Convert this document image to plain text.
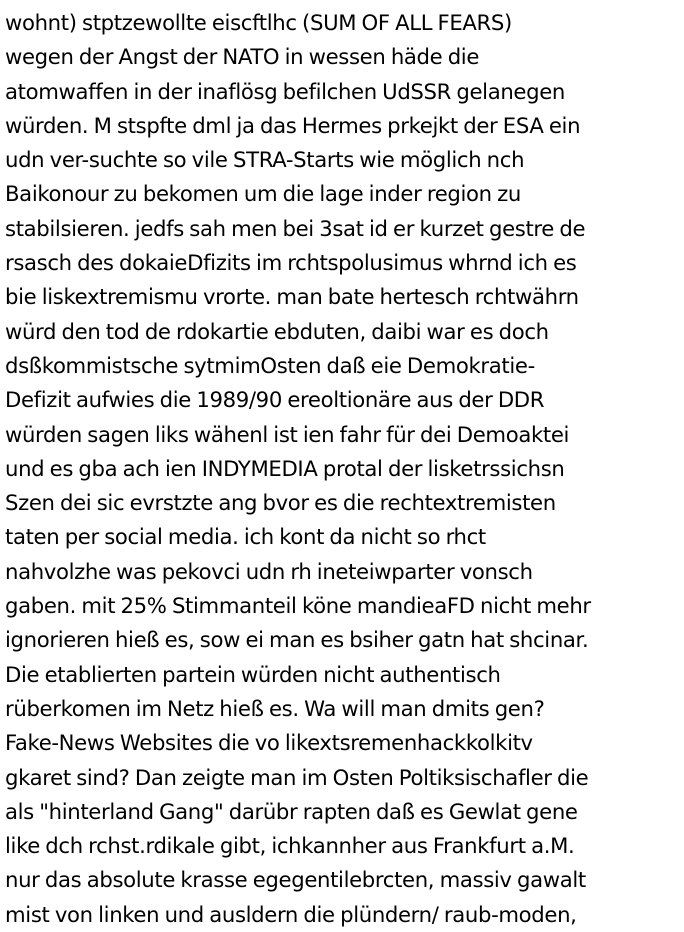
wohnt) stptzewollte eiscftlhc (SUM OF ALL FEARS)
wegen der Angst der NATO in wessen häde die
atomwaffen in der inaflösg befilchen UdSSR gelanegen
würden. M stspfte dml ja das Hermes prkejkt der ESA ein
udn ver-suchte so vile STRA-Starts wie möglich nch
Baikonour zu bekomen um die lage inder region zu
stabilsieren. jedfs sah men bei 3sat id er kurzet gestre de
rsasch des dokaieDfizits im rchtspolusimus whrnd ich es
bie liskextremismu vrorte. man bate hertesch rchtwährn
würd den tod de rdokartie ebduten, daibi war es doch
dsßkommistsche sytmimOsten daß eie Demokratie-
Defizit aufwies die 1989/90 ereoltionäre aus der DDR
würden sagen liks wähenl ist ien fahr für dei Demoaktei
und es gba ach ien INDYMEDIA protal der lisketrssichsn
Szen dei sic evrstzte ang bvor es die rechtextremisten
taten per social media. ich kont da nicht so rhct
nahvolzhe was pekovci udn rh ineteiwparter vonsch
gaben. mit 25% Stimmanteil köne mandieaFD nicht mehr
ignorieren hieß es, sow ei man es bsiher gatn hat shcinar.
Die etablierten partein würden nicht authentisch
rüberkomen im Netz hieß es. Wa will man dmits gen?
Fake-News Websites die vo likextsremenhackkolkitv
gkaret sind? Dan zeigte man im Osten Poltiksischafler die
als "hinterland Gang" darübr rapten daß es Gewlat gene
like dch rchst.rdikale gibt, ichkannher aus Frankfurt a.M.
nur das absolute krasse egegentilebrcten, massiv gawalt
mist von linken und ausldern die plündern/ raub-moden,
